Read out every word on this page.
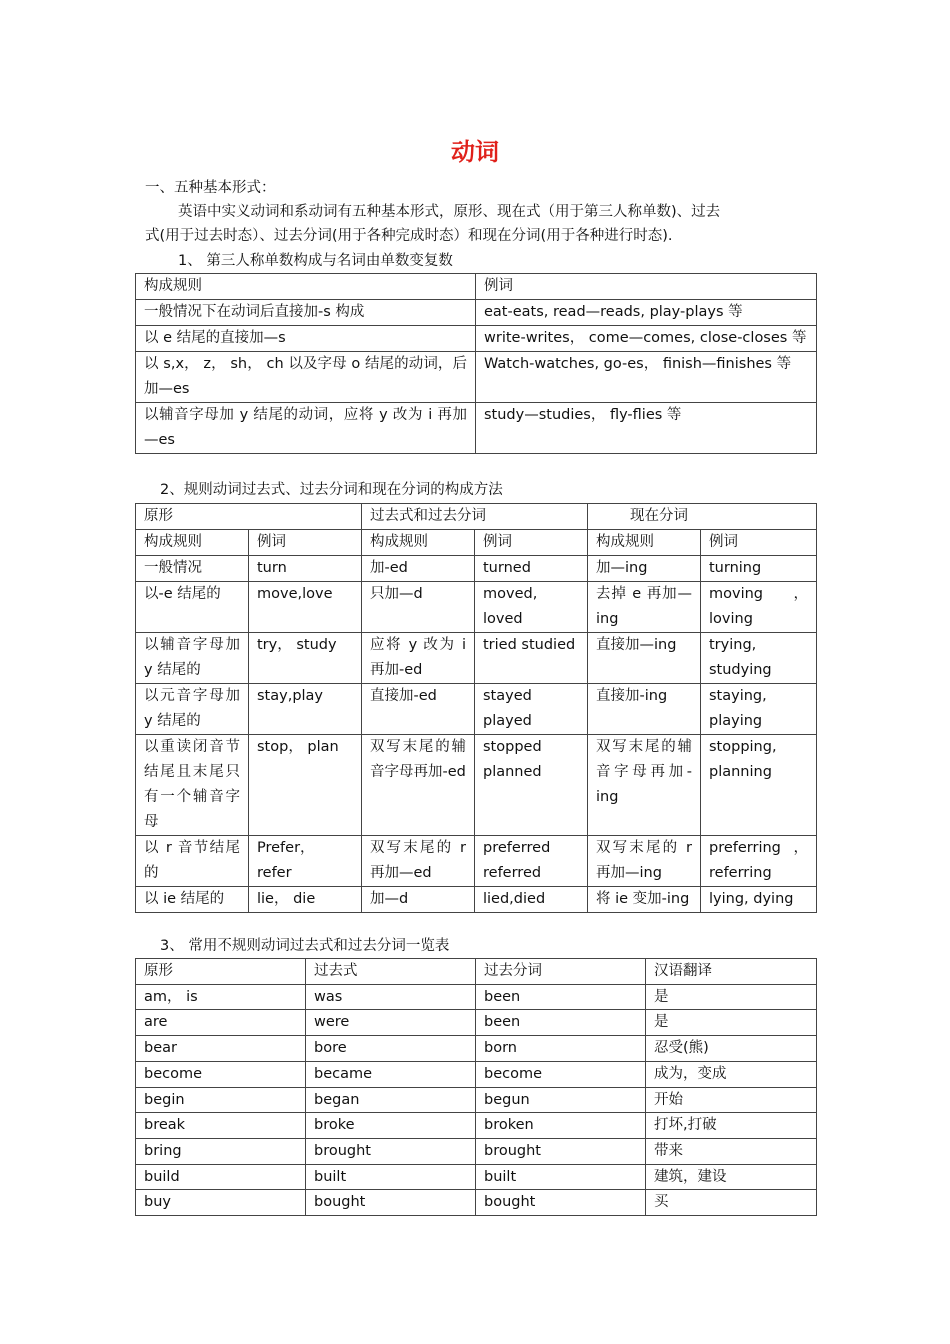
动词
一、五种基本形式：
英语中实义动词和系动词有五种基本形式，原形、现在式（用于第三人称单数)、过去
式(用于过去时态）、过去分词(用于各种完成时态）和现在分词(用于各种进行时态).
1、 第三人称单数构成与名词由单数变复数
构成规则	例词
一般情况下在动词后直接加-s 构成	eat-eats, read—reads, play-plays 等
以 e 结尾的直接加—s	write-writes， come—comes, close-closes 等
以 s,x， z， sh， ch 以及字母 o 结尾的动词，后加—es	Watch-watches, go-es， finish—finishes 等
以辅音字母加 y 结尾的动词，应将 y 改为 i 再加—es	study—studies， fly-flies 等
2、规则动词过去式、过去分词和现在分词的构成方法
原形		过去式和过去分词		现在分词	
构成规则	例词	构成规则	例词	构成规则	例词
一般情况	turn	加-ed	turned	加—ing	turning
以-e 结尾的	move,love	只加—d	moved, loved	去掉 e 再加—ing	moving ，loving
以辅音字母加 y 结尾的	try， study	应将 y 改为 i 再加-ed	tried studied	直接加—ing	trying, studying
以元音字母加 y 结尾的	stay,play	直接加-ed	stayed played	直接加-ing	staying, playing
以重读闭音节结尾且末尾只有一个辅音字母	stop， plan	双写末尾的辅音字母再加-ed	stopped planned	双写末尾的辅音字母再加-ing	stopping, planning
以 r 音节结尾的	Prefer， refer	双写末尾的 r 再加—ed	preferred referred	双写末尾的 r 再加—ing	preferring ，referring
以 ie 结尾的	lie， die	加—d	lied,died	将 ie 变加-ing	lying, dying
3、 常用不规则动词过去式和过去分词一览表
原形	过去式	过去分词	汉语翻译
am， is	was	been	是
are	were	been	是
bear	bore	born	忍受(熊)
become	became	become	成为，变成
begin	began	begun	开始
break	broke	broken	打坏,打破
bring	brought	brought	带来
build	built	built	建筑，建设
buy	bought	bought	买
